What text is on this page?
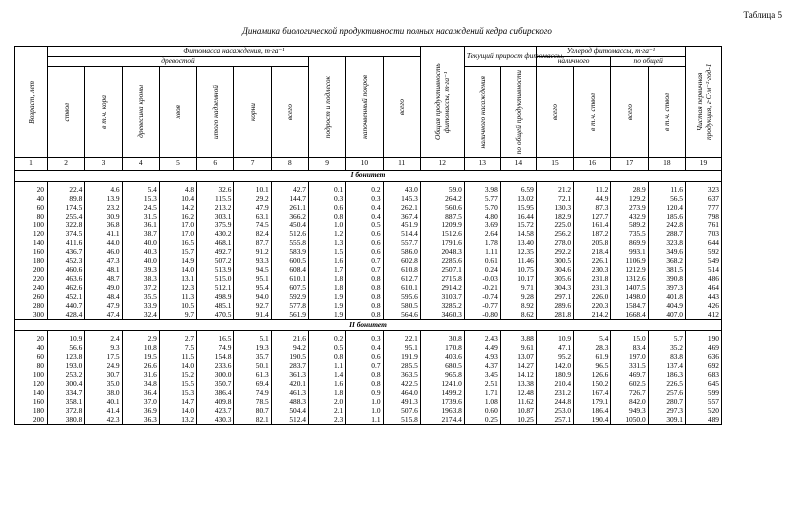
Таблица 5
Динамика биологической продуктивности полных насаждений кедра сибирского
Возраст, лет	Фитомасса насаждения, т·га⁻¹										Общая продуктивность фитомассы, т·га⁻¹	Текущий прирост фитомассы,		Углерод фитомассы, т·га⁻¹				Чистая первичная продукция, г·С·м⁻²·год-1

	древостой							подрост и подлесок	напочвенный покров	всего				наличного		по общей		

	ствол	в т.ч. кора	древесина кроны	хвоя	итого надземной	корни	всего					наличного насаждения	по общей продуктивности	всего	в т.ч. ствол	всего	в т.ч. ствол	

1	2	3	4	5	6	7	8	9	10	11	12	13	14	15	16	17	18	19
I бонитет																		

20	22.4	4.6	5.4	4.8	32.6	10.1	42.7	0.1	0.2	43.0	59.0	3.98	6.59	21.2	11.2	28.9	11.6	323
40	89.8	13.9	15.3	10.4	115.5	29.2	144.7	0.3	0.3	145.3	264.2	5.77	13.02	72.1	44.9	129.2	56.5	637
60	174.5	23.2	24.5	14.2	213.2	47.9	261.1	0.6	0.4	262.1	560.6	5.70	15.95	130.3	87.3	273.9	120.4	777
80	255.4	30.9	31.5	16.2	303.1	63.1	366.2	0.8	0.4	367.4	887.5	4.80	16.44	182.9	127.7	432.9	185.6	798
100	322.8	36.8	36.1	17.0	375.9	74.5	450.4	1.0	0.5	451.9	1209.9	3.69	15.72	225.0	161.4	589.2	242.8	761
120	374.5	41.1	38.7	17.0	430.2	82.4	512.6	1.2	0.6	514.4	1512.6	2.64	14.58	256.2	187.2	735.5	288.7	703
140	411.6	44.0	40.0	16.5	468.1	87.7	555.8	1.3	0.6	557.7	1791.6	1.78	13.40	278.0	205.8	869.9	323.8	644
160	436.7	46.0	40.3	15.7	492.7	91.2	583.9	1.5	0.6	586.0	2048.3	1.11	12.35	292.2	218.4	993.1	349.6	592
180	452.3	47.3	40.0	14.9	507.2	93.3	600.5	1.6	0.7	602.8	2285.6	0.61	11.46	300.5	226.1	1106.9	368.2	549
200	460.6	48.1	39.3	14.0	513.9	94.5	608.4	1.7	0.7	610.8	2507.1	0.24	10.75	304.6	230.3	1212.9	381.5	514
220	463.6	48.7	38.3	13.1	515.0	95.1	610.1	1.8	0.8	612.7	2715.8	-0.03	10.17	305.6	231.8	1312.6	390.8	486
240	462.6	49.0	37.2	12.3	512.1	95.4	607.5	1.8	0.8	610.1	2914.2	-0.21	9.71	304.3	231.3	1407.5	397.3	464
260	452.1	48.4	35.5	11.3	498.9	94.0	592.9	1.9	0.8	595.6	3103.7	-0.74	9.28	297.1	226.0	1498.0	401.8	443
280	440.7	47.9	33.9	10.5	485.1	92.7	577.8	1.9	0.8	580.5	3285.2	-0.77	8.92	289.6	220.3	1584.7	404.9	426
300	428.4	47.4	32.4	9.7	470.5	91.4	561.9	1.9	0.8	564.6	3460.3	-0.80	8.62	281.8	214.2	1668.4	407.0	412
II бонитет																		

20	10.9	2.4	2.9	2.7	16.5	5.1	21.6	0.2	0.3	22.1	30.8	2.43	3.88	10.9	5.4	15.0	5.7	190
40	56.6	9.3	10.8	7.5	74.9	19.3	94.2	0.5	0.4	95.1	170.8	4.49	9.61	47.1	28.3	83.4	35.2	469
60	123.8	17.5	19.5	11.5	154.8	35.7	190.5	0.8	0.6	191.9	403.6	4.93	13.07	95.2	61.9	197.0	83.8	636
80	193.0	24.9	26.6	14.0	233.6	50.1	283.7	1.1	0.7	285.5	680.5	4.37	14.27	142.0	96.5	331.5	137.4	692
100	253.2	30.7	31.6	15.2	300.0	61.3	361.3	1.4	0.8	363.5	965.8	3.45	14.12	180.9	126.6	469.7	186.3	683
120	300.4	35.0	34.8	15.5	350.7	69.4	420.1	1.6	0.8	422.5	1241.0	2.51	13.38	210.4	150.2	602.5	226.5	645
140	334.7	38.0	36.4	15.3	386.4	74.9	461.3	1.8	0.9	464.0	1499.2	1.71	12.48	231.2	167.4	726.7	257.6	599
160	358.1	40.1	37.0	14.7	409.8	78.5	488.3	2.0	1.0	491.3	1739.6	1.08	11.62	244.8	179.1	842.0	280.7	557
180	372.8	41.4	36.9	14.0	423.7	80.7	504.4	2.1	1.0	507.6	1963.8	0.60	10.87	253.0	186.4	949.3	297.3	520
200	380.8	42.3	36.3	13.2	430.3	82.1	512.4	2.3	1.1	515.8	2174.4	0.25	10.25	257.1	190.4	1050.0	309.1	489
